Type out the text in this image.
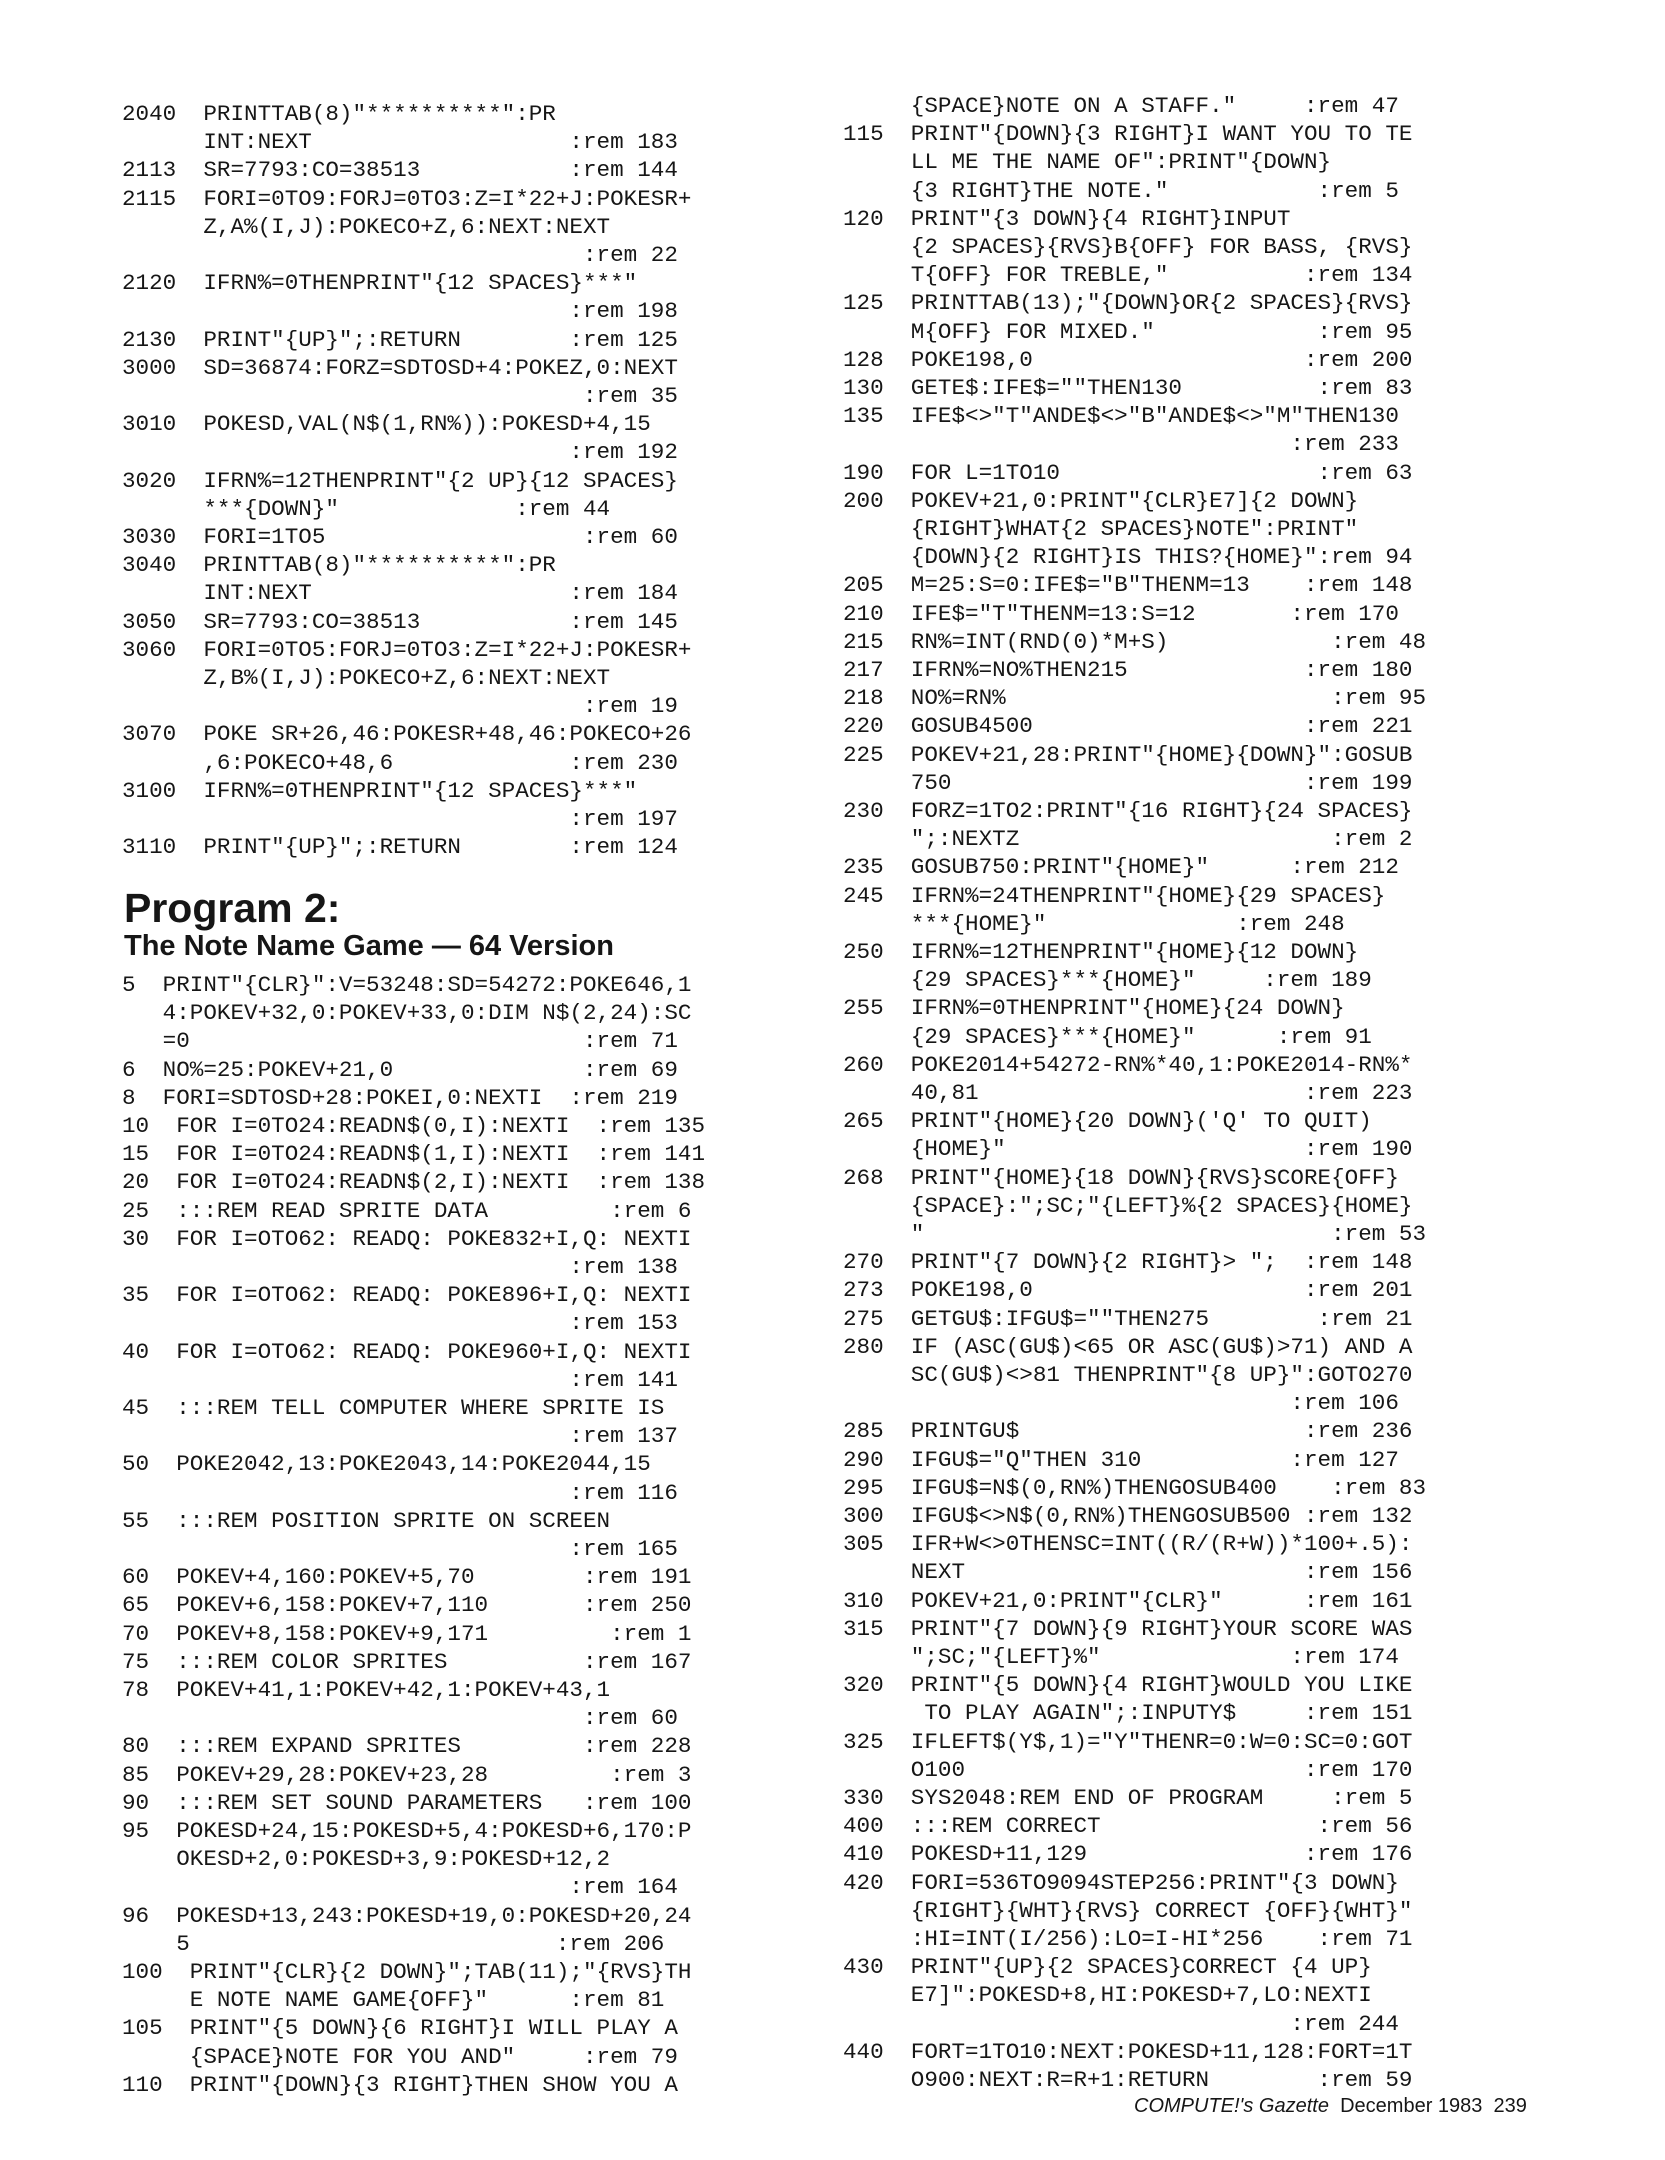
2040  PRINTTAB(8)"**********":PR
INT:NEXT                   :rem 183
2113  SR=7793:CO=38513           :rem 144
2115  FORI=0TO9:FORJ=0TO3:Z=I*22+J:POKESR+
Z,A%(I,J):POKECO+Z,6:NEXT:NEXT
:rem 22
2120  IFRN%=0THENPRINT"{12 SPACES}***"
:rem 198
2130  PRINT"{UP}";:RETURN        :rem 125
3000  SD=36874:FORZ=SDTOSD+4:POKEZ,0:NEXT
:rem 35
3010  POKESD,VAL(N$(1,RN%)):POKESD+4,15
:rem 192
3020  IFRN%=12THENPRINT"{2 UP}{12 SPACES}
***{DOWN}"             :rem 44
3030  FORI=1TO5                   :rem 60
3040  PRINTTAB(8)"**********":PR
INT:NEXT                   :rem 184
3050  SR=7793:CO=38513           :rem 145
3060  FORI=0TO5:FORJ=0TO3:Z=I*22+J:POKESR+
Z,B%(I,J):POKECO+Z,6:NEXT:NEXT
:rem 19
3070  POKE SR+26,46:POKESR+48,46:POKECO+26
,6:POKECO+48,6             :rem 230
3100  IFRN%=0THENPRINT"{12 SPACES}***"
:rem 197
3110  PRINT"{UP}";:RETURN        :rem 124
Program 2:
The Note Name Game — 64 Version
5  PRINT"{CLR}":V=53248:SD=54272:POKE646,1
4:POKEV+32,0:POKEV+33,0:DIM N$(2,24):SC
=0                             :rem 71
6  NO%=25:POKEV+21,0              :rem 69
8  FORI=SDTOSD+28:POKEI,0:NEXTI  :rem 219
10  FOR I=0TO24:READN$(0,I):NEXTI  :rem 135
15  FOR I=0TO24:READN$(1,I):NEXTI  :rem 141
20  FOR I=0TO24:READN$(2,I):NEXTI  :rem 138
25  :::REM READ SPRITE DATA         :rem 6
30  FOR I=OTO62: READQ: POKE832+I,Q: NEXTI
:rem 138
35  FOR I=OTO62: READQ: POKE896+I,Q: NEXTI
:rem 153
40  FOR I=OTO62: READQ: POKE960+I,Q: NEXTI
:rem 141
45  :::REM TELL COMPUTER WHERE SPRITE IS
:rem 137
50  POKE2042,13:POKE2043,14:POKE2044,15
:rem 116
55  :::REM POSITION SPRITE ON SCREEN
:rem 165
60  POKEV+4,160:POKEV+5,70        :rem 191
65  POKEV+6,158:POKEV+7,110       :rem 250
70  POKEV+8,158:POKEV+9,171         :rem 1
75  :::REM COLOR SPRITES          :rem 167
78  POKEV+41,1:POKEV+42,1:POKEV+43,1
:rem 60
80  :::REM EXPAND SPRITES         :rem 228
85  POKEV+29,28:POKEV+23,28         :rem 3
90  :::REM SET SOUND PARAMETERS   :rem 100
95  POKESD+24,15:POKESD+5,4:POKESD+6,170:P
OKESD+2,0:POKESD+3,9:POKESD+12,2
:rem 164
96  POKESD+13,243:POKESD+19,0:POKESD+20,24
5                           :rem 206
100  PRINT"{CLR}{2 DOWN}";TAB(11);"{RVS}TH
E NOTE NAME GAME{OFF}"      :rem 81
105  PRINT"{5 DOWN}{6 RIGHT}I WILL PLAY A
{SPACE}NOTE FOR YOU AND"     :rem 79
110  PRINT"{DOWN}{3 RIGHT}THEN SHOW YOU A
{SPACE}NOTE ON A STAFF."     :rem 47
115  PRINT"{DOWN}{3 RIGHT}I WANT YOU TO TE
LL ME THE NAME OF":PRINT"{DOWN}
{3 RIGHT}THE NOTE."           :rem 5
120  PRINT"{3 DOWN}{4 RIGHT}INPUT
{2 SPACES}{RVS}B{OFF} FOR BASS, {RVS}
T{OFF} FOR TREBLE,"          :rem 134
125  PRINTTAB(13);"{DOWN}OR{2 SPACES}{RVS}
M{OFF} FOR MIXED."            :rem 95
128  POKE198,0                    :rem 200
130  GETE$:IFE$=""THEN130          :rem 83
135  IFE$<>"T"ANDE$<>"B"ANDE$<>"M"THEN130
:rem 233
190  FOR L=1TO10                   :rem 63
200  POKEV+21,0:PRINT"{CLR}E7]{2 DOWN}
{RIGHT}WHAT{2 SPACES}NOTE":PRINT"
{DOWN}{2 RIGHT}IS THIS?{HOME}":rem 94
205  M=25:S=0:IFE$="B"THENM=13    :rem 148
210  IFE$="T"THENM=13:S=12       :rem 170
215  RN%=INT(RND(0)*M+S)            :rem 48
217  IFRN%=NO%THEN215             :rem 180
218  NO%=RN%                        :rem 95
220  GOSUB4500                    :rem 221
225  POKEV+21,28:PRINT"{HOME}{DOWN}":GOSUB
750                          :rem 199
230  FORZ=1TO2:PRINT"{16 RIGHT}{24 SPACES}
";:NEXTZ                       :rem 2
235  GOSUB750:PRINT"{HOME}"      :rem 212
245  IFRN%=24THENPRINT"{HOME}{29 SPACES}
***{HOME}"              :rem 248
250  IFRN%=12THENPRINT"{HOME}{12 DOWN}
{29 SPACES}***{HOME}"     :rem 189
255  IFRN%=0THENPRINT"{HOME}{24 DOWN}
{29 SPACES}***{HOME}"      :rem 91
260  POKE2014+54272-RN%*40,1:POKE2014-RN%*
40,81                        :rem 223
265  PRINT"{HOME}{20 DOWN}('Q' TO QUIT)
{HOME}"                      :rem 190
268  PRINT"{HOME}{18 DOWN}{RVS}SCORE{OFF}
{SPACE}:";SC;"{LEFT}%{2 SPACES}{HOME}
"                              :rem 53
270  PRINT"{7 DOWN}{2 RIGHT}> ";  :rem 148
273  POKE198,0                    :rem 201
275  GETGU$:IFGU$=""THEN275        :rem 21
280  IF (ASC(GU$)<65 OR ASC(GU$)>71) AND A
SC(GU$)<>81 THENPRINT"{8 UP}":GOTO270
:rem 106
285  PRINTGU$                     :rem 236
290  IFGU$="Q"THEN 310           :rem 127
295  IFGU$=N$(0,RN%)THENGOSUB400    :rem 83
300  IFGU$<>N$(0,RN%)THENGOSUB500 :rem 132
305  IFR+W<>0THENSC=INT((R/(R+W))*100+.5):
NEXT                         :rem 156
310  POKEV+21,0:PRINT"{CLR}"      :rem 161
315  PRINT"{7 DOWN}{9 RIGHT}YOUR SCORE WAS
";SC;"{LEFT}%"              :rem 174
320  PRINT"{5 DOWN}{4 RIGHT}WOULD YOU LIKE
TO PLAY AGAIN";:INPUTY$     :rem 151
325  IFLEFT$(Y$,1)="Y"THENR=0:W=0:SC=0:GOT
O100                         :rem 170
330  SYS2048:REM END OF PROGRAM     :rem 5
400  :::REM CORRECT                :rem 56
410  POKESD+11,129                :rem 176
420  FORI=536TO9094STEP256:PRINT"{3 DOWN}
{RIGHT}{WHT}{RVS} CORRECT {OFF}{WHT}"
:HI=INT(I/256):LO=I-HI*256    :rem 71
430  PRINT"{UP}{2 SPACES}CORRECT {4 UP}
E7]":POKESD+8,HI:POKESD+7,LO:NEXTI
:rem 244
440  FORT=1TO10:NEXT:POKESD+11,128:FORT=1T
O900:NEXT:R=R+1:RETURN        :rem 59
COMPUTE!'s Gazette December 1983 239
